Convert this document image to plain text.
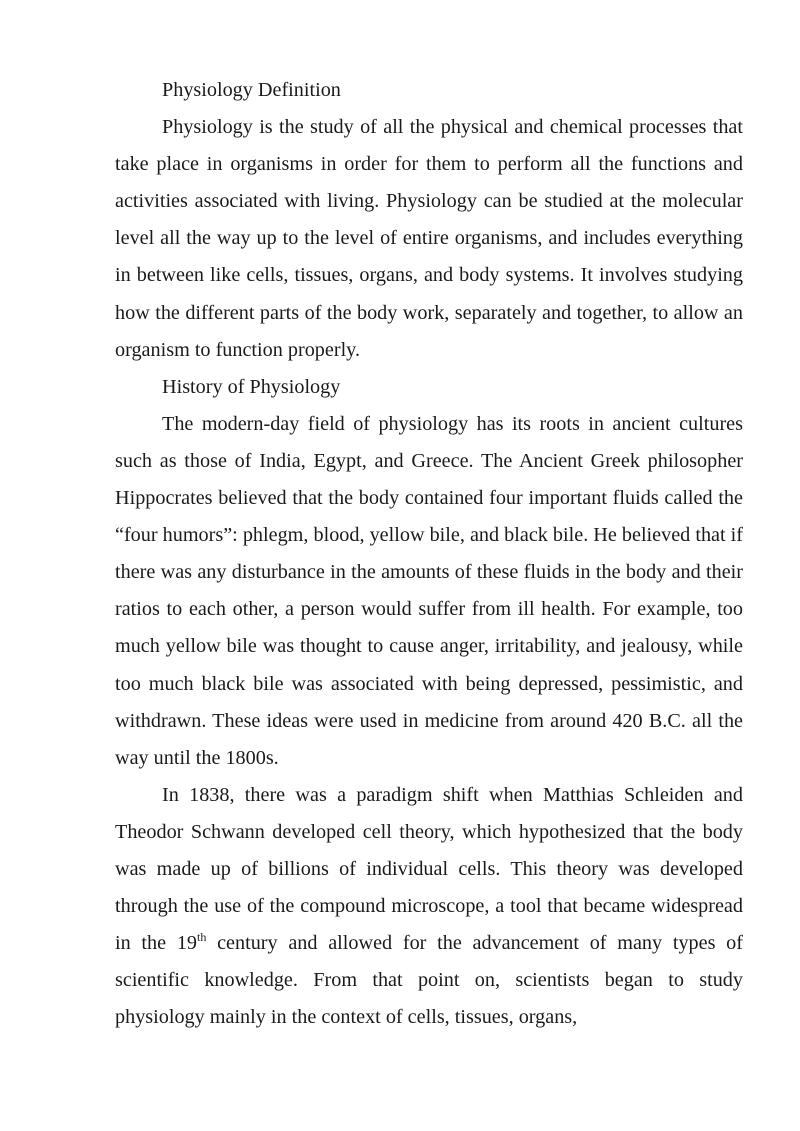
Physiology Definition

Physiology is the study of all the physical and chemical processes that take place in organisms in order for them to perform all the functions and activities associated with living. Physiology can be studied at the molecular level all the way up to the level of entire organisms, and includes everything in between like cells, tissues, organs, and body systems. It involves studying how the different parts of the body work, separately and together, to allow an organism to function properly.

History of Physiology

The modern-day field of physiology has its roots in ancient cultures such as those of India, Egypt, and Greece. The Ancient Greek philosopher Hippocrates believed that the body contained four important fluids called the “four humors”: phlegm, blood, yellow bile, and black bile. He believed that if there was any disturbance in the amounts of these fluids in the body and their ratios to each other, a person would suffer from ill health. For example, too much yellow bile was thought to cause anger, irritability, and jealousy, while too much black bile was associated with being depressed, pessimistic, and withdrawn. These ideas were used in medicine from around 420 B.C. all the way until the 1800s.

In 1838, there was a paradigm shift when Matthias Schleiden and Theodor Schwann developed cell theory, which hypothesized that the body was made up of billions of individual cells. This theory was developed through the use of the compound microscope, a tool that became widespread in the 19th century and allowed for the advancement of many types of scientific knowledge. From that point on, scientists began to study physiology mainly in the context of cells, tissues, organs,
